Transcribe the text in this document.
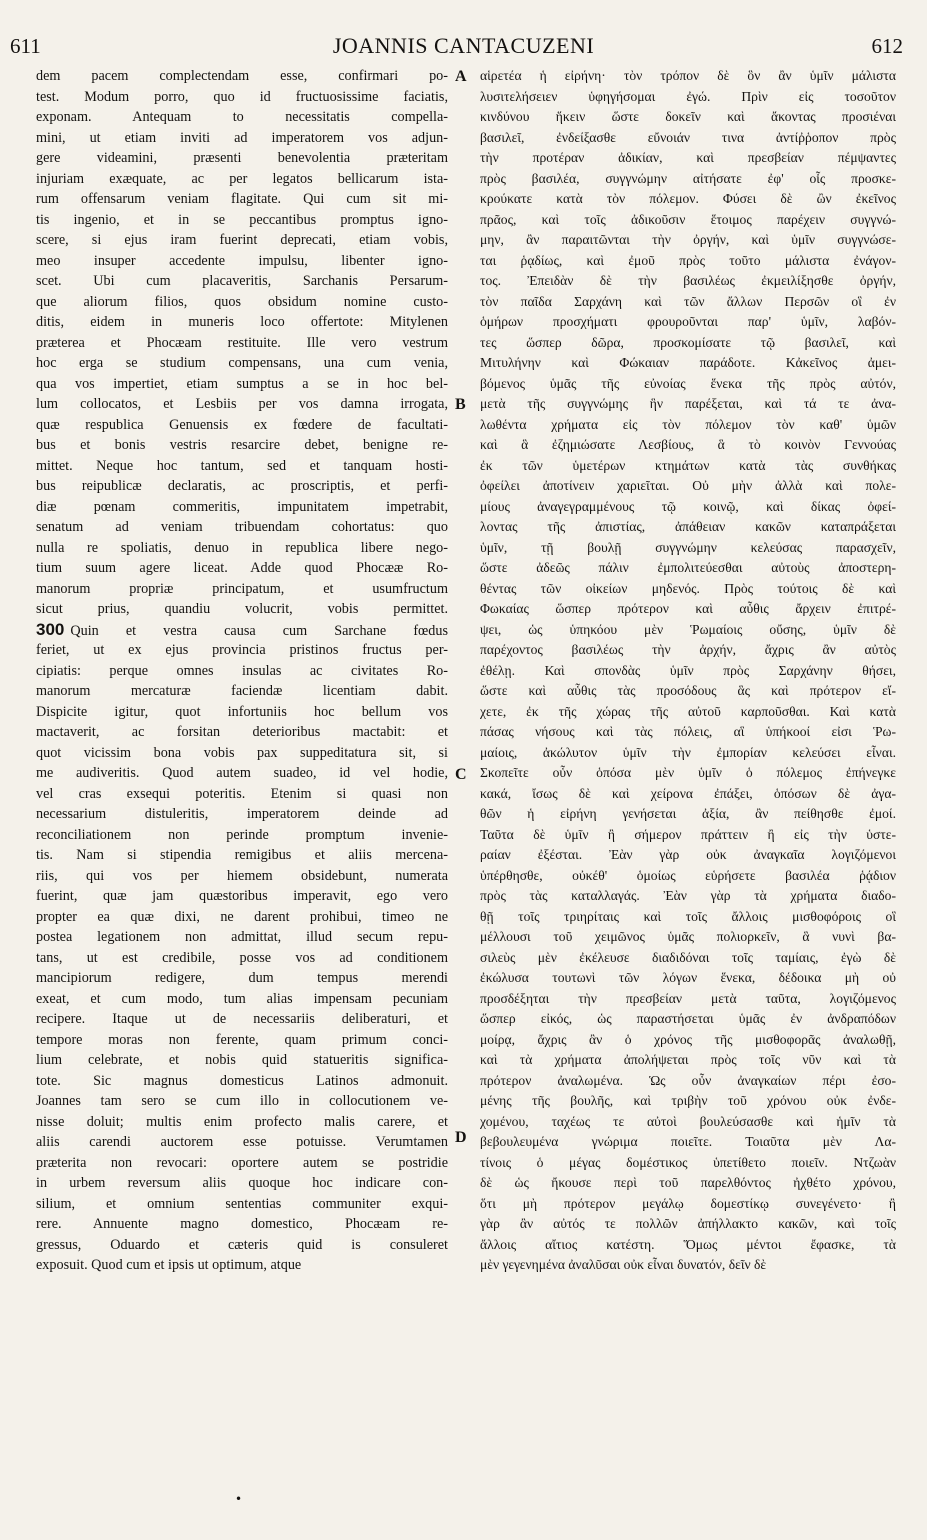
611	JOANNIS CANTACUZENI	612
dem pacem complectendam esse, confirmari po-
test. Modum porro, quo id fructuosissime faciatis,
exponam. Antequam to necessitatis compella-
mini, ut etiam inviti ad imperatorem vos adjun-
gere videamini, præsenti benevolentia præteritam
injuriam exæquate, ac per legatos bellicarum ista-
rum offensarum veniam flagitate. Qui cum sit mi-
tis ingenio, et in se peccantibus promptus igno-
scere, si ejus iram fuerint deprecati, etiam vobis,
meo insuper accedente impulsu, libenter igno-
scet. Ubi cum placaveritis, Sarchanis Persarum-
que aliorum filios, quos obsidum nomine custo-
ditis, eidem in muneris loco offertote: Mitylenen
præterea et Phocæam restituite. Ille vero vestrum
hoc erga se studium compensans, una cum venia,
qua vos impertiet, etiam sumptus a se in hoc bel-
lum collocatos, et Lesbiis per vos damna irrogata,
quæ respublica Genuensis ex fœdere de facultati-
bus et bonis vestris resarcire debet, benigne re-
mittet. Neque hoc tantum, sed et tanquam hosti-
bus reipublicæ declaratis, ac proscriptis, et perfi-
diæ pœnam commeritis, impunitatem impetrabit,
senatum ad veniam tribuendam cohortatus: quo
nulla re spoliatis, denuo in republica libere nego-
tium suum agere liceat. Adde quod Phocææ Ro-
manorum propriæ principatum, et usumfructum
sicut prius, quandiu volucrit, vobis permittet.
300 Quin et vestra causa cum Sarchane fœdus
feriet, ut ex ejus provincia pristinos fructus per-
cipiatis: perque omnes insulas ac civitates Ro-
manorum mercaturæ faciendæ licentiam dabit.
Dispicite igitur, quot infortuniis hoc bellum vos
mactaverit, ac forsitan deterioribus mactabit: et
quot vicissim bona vobis pax suppeditatura sit, si
me audiveritis. Quod autem suadeo, id vel hodie,
vel cras exsequi poteritis. Etenim si quasi non
necessarium distuleritis, imperatorem deinde ad
reconciliationem non perinde promptum invenie-
tis. Nam si stipendia remigibus et aliis mercena-
riis, qui vos per hiemem obsidebunt, numerata
fuerint, quæ jam quæstoribus imperavit, ego vero
propter ea quæ dixi, ne darent prohibui, timeo ne
postea legationem non admittat, illud secum repu-
tans, ut est credibile, posse vos ad conditionem
mancipiorum redigere, dum tempus merendi
exeat, et cum modo, tum alias impensam pecuniam
recipere. Itaque ut de necessariis deliberaturi, et
tempore moras non ferente, quam primum conci-
lium celebrate, et nobis quid statueritis significa-
tote. Sic magnus domesticus Latinos admonuit.
Joannes tam sero se cum illo in collocutionem ve-
nisse doluit; multis enim profecto malis carere, et
aliis carendi auctorem esse potuisse. Verumtamen
præterita non revocari: oportere autem se postridie
in urbem reversum aliis quoque hoc indicare con-
silium, et omnium sententias communiter exqui-
rere. Annuente magno domestico, Phocæam re-
gressus, Oduardo et cæteris quid is consuleret
exposuit. Quod cum et ipsis ut optimum, atque
αἱρετέα ἡ εἰρήνη· τὸν τρόπον δὲ ὃν ἂν ὑμῖν μάλιστα
λυσιτελήσειεν ὑφηγήσομαι ἐγώ. Πρὶν εἰς τοσοῦτον
κινδύνου ἥκειν ὥστε δοκεῖν καὶ ἄκοντας προσιέναι
βασιλεῖ, ἐνδείξασθε εὔνοιάν τινα ἀντίῤῥοπον πρὸς
τὴν προτέραν ἀδικίαν, καὶ πρεσβείαν πέμψαντες
πρὸς βασιλέα, συγγνώμην αἰτήσατε ἐφ' οἷς προσκε-
κρούκατε κατὰ τὸν πόλεμον. Φύσει δὲ ὢν ἐκεῖνος
πρᾶος, καὶ τοῖς ἀδικοῦσιν ἕτοιμος παρέχειν συγγνώ-
μην, ἂν παραιτῶνται τὴν ὀργήν, καὶ ὑμῖν συγγνώσε-
ται ῥᾳδίως, καὶ ἐμοῦ πρὸς τοῦτο μάλιστα ἐνάγον-
τος. Ἐπειδὰν δὲ τὴν βασιλέως ἐκμειλίξησθε ὀργήν,
τὸν παῖδα Σαρχάνη καὶ τῶν ἄλλων Περσῶν οἳ ἐν
ὁμήρων προσχήματι φρουροῦνται παρ' ὑμῖν, λαβόν-
τες ὥσπερ δῶρα, προσκομίσατε τῷ βασιλεῖ, καὶ
Μιτυλήνην καὶ Φώκαιαν παράδοτε. Κἀκεῖνος ἀμει-
βόμενος ὑμᾶς τῆς εὐνοίας ἕνεκα τῆς πρὸς αὐτόν,
μετὰ τῆς συγγνώμης ἣν παρέξεται, καὶ τά τε ἀνα-
λωθέντα χρήματα εἰς τὸν πόλεμον τὸν καθ' ὑμῶν
καὶ ἃ ἐζημιώσατε Λεσβίους, ἃ τὸ κοινὸν Γεννούας
ἐκ τῶν ὑμετέρων κτημάτων κατὰ τὰς συνθήκας
ὀφείλει ἀποτίνειν χαριεῖται. Οὐ μὴν ἀλλὰ καὶ πολε-
μίους ἀναγεγραμμένους τῷ κοινῷ, καὶ δίκας ὀφεί-
λοντας τῆς ἀπιστίας, ἀπάθειαν κακῶν καταπράξεται
ὑμῖν, τῇ βουλῇ συγγνώμην κελεύσας παρασχεῖν,
ὥστε ἀδεῶς πάλιν ἐμπολιτεύεσθαι αὐτοὺς ἀποστερη-
θέντας τῶν οἰκείων μηδενός. Πρὸς τούτοις δὲ καὶ
Φωκαίας ὥσπερ πρότερον καὶ αὖθις ἄρχειν ἐπιτρέ-
ψει, ὡς ὑπηκόου μὲν Ῥωμαίοις οὔσης, ὑμῖν δὲ
παρέχοντος βασιλέως τὴν ἀρχήν, ἄχρις ἂν αὐτὸς
ἐθέλῃ. Καὶ σπονδὰς ὑμῖν πρὸς Σαρχάνην θήσει,
ὥστε καὶ αὖθις τὰς προσόδους ἃς καὶ πρότερον εἴ-
χετε, ἐκ τῆς χώρας τῆς αὐτοῦ καρποῦσθαι. Καὶ κατὰ
πάσας νήσους καὶ τὰς πόλεις, αἳ ὑπήκοοί εἰσι Ῥω-
μαίοις, ἀκώλυτον ὑμῖν τὴν ἐμπορίαν κελεύσει εἶναι.
Σκοπεῖτε οὖν ὁπόσα μὲν ὑμῖν ὁ πόλεμος ἐπήνεγκε
κακά, ἴσως δὲ καὶ χείρονα ἐπάξει, ὁπόσων δὲ ἀγα-
θῶν ἡ εἰρήνη γενήσεται ἀξία, ἂν πείθησθε ἐμοί.
Ταῦτα δὲ ὑμῖν ἢ σήμερον πράττειν ἢ εἰς τὴν ὑστε-
ραίαν ἐξέσται. Ἐὰν γὰρ οὐκ ἀναγκαῖα λογιζόμενοι
ὑπέρθησθε, οὐκέθ' ὁμοίως εὑρήσετε βασιλέα ῥᾴδιον
πρὸς τὰς καταλλαγάς. Ἐὰν γὰρ τὰ χρήματα διαδο-
θῇ τοῖς τριηρίταις καὶ τοῖς ἄλλοις μισθοφόροις οἳ
μέλλουσι τοῦ χειμῶνος ὑμᾶς πολιορκεῖν, ἃ νυνὶ βα-
σιλεὺς μὲν ἐκέλευσε διαδιδόναι τοῖς ταμίαις, ἐγὼ δὲ
ἐκώλυσα τουτωνὶ τῶν λόγων ἕνεκα, δέδοικα μὴ οὐ
προσδέξηται τὴν πρεσβείαν μετὰ ταῦτα, λογιζόμενος
ὥσπερ εἰκός, ὡς παραστήσεται ὑμᾶς ἐν ἀνδραπόδων
μοίρᾳ, ἄχρις ἂν ὁ χρόνος τῆς μισθοφορᾶς ἀναλωθῇ,
καὶ τὰ χρήματα ἀπολήψεται πρὸς τοῖς νῦν καὶ τὰ
πρότερον ἀναλωμένα. Ὡς οὖν ἀναγκαίων πέρι ἐσο-
μένης τῆς βουλῆς, καὶ τριβὴν τοῦ χρόνου οὐκ ἐνδε-
χομένου, ταχέως τε αὐτοὶ βουλεύσασθε καὶ ἡμῖν τὰ
βεβουλευμένα γνώριμα ποιεῖτε. Τοιαῦτα μὲν Λα-
τίνοις ὁ μέγας δομέστικος ὑπετίθετο ποιεῖν. Ντζωὰν
δὲ ὡς ἤκουσε περὶ τοῦ παρελθόντος ἠχθέτο χρόνου,
ὅτι μὴ πρότερον μεγάλῳ δομεστίκῳ συνεγένετο· ἢ
γὰρ ἂν αὐτός τε πολλῶν ἀπήλλακτο κακῶν, καὶ τοῖς
ἄλλοις αἴτιος κατέστη. Ὅμως μέντοι ἔφασκε, τὰ
μὲν γεγενημένα ἀναλῦσαι οὐκ εἶναι δυνατόν, δεῖν δὲ
A
B
C
D
•
